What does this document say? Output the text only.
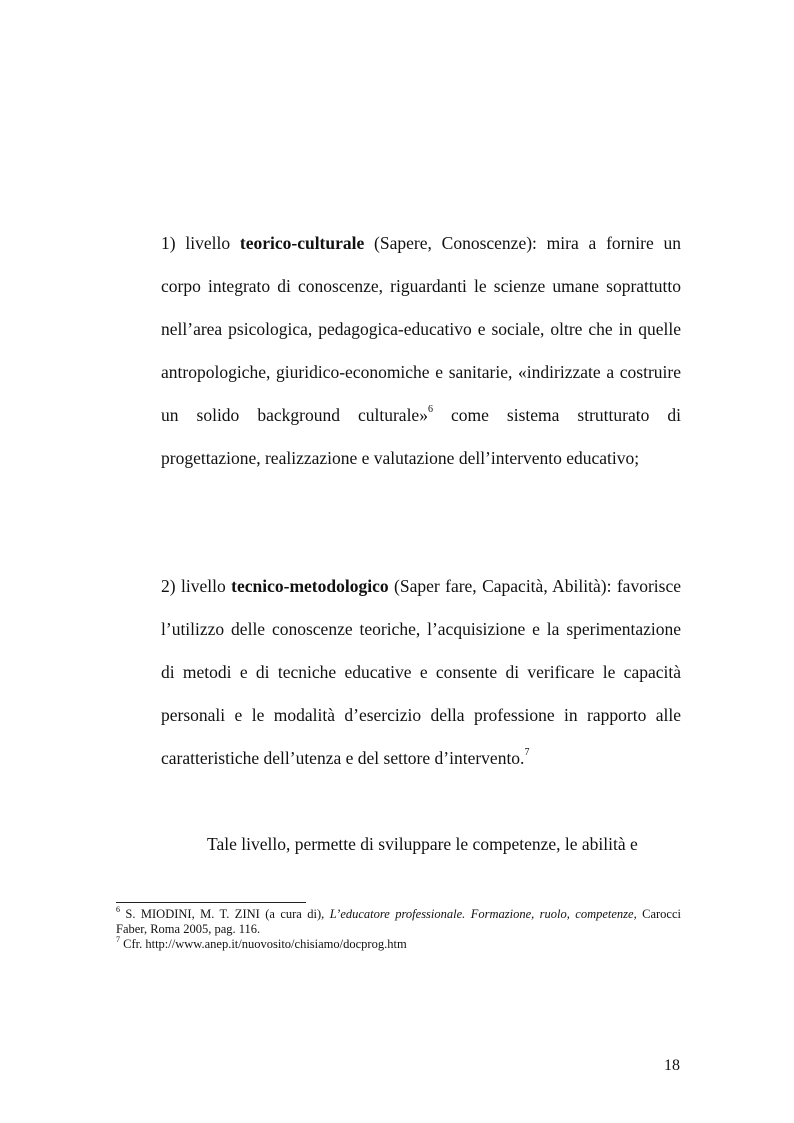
1) livello teorico-culturale (Sapere, Conoscenze): mira a fornire un corpo integrato di conoscenze, riguardanti le scienze umane soprattutto nell’area psicologica, pedagogica-educativo e sociale, oltre che in quelle antropologiche, giuridico-economiche e sanitarie, «indirizzate a costruire un solido background culturale»$^6$ come sistema strutturato di progettazione, realizzazione e valutazione dell’intervento educativo;

2) livello tecnico-metodologico (Saper fare, Capacità, Abilità): favorisce l’utilizzo delle conoscenze teoriche, l’acquisizione e la sperimentazione di metodi e di tecniche educative e consente di verificare le capacità personali e le modalità d’esercizio della professione in rapporto alle caratteristiche dell’utenza e del settore d’intervento.$^7$

Tale livello, permette di sviluppare le competenze, le abilità e

$^6$ S. MIODINI, M. T. ZINI (a cura di), L’educatore professionale. Formazione, ruolo, competenze, Carocci Faber, Roma 2005, pag. 116.

$^7$ Cfr. http://www.anep.it/nuovosito/chisiamo/docprog.htm

18
